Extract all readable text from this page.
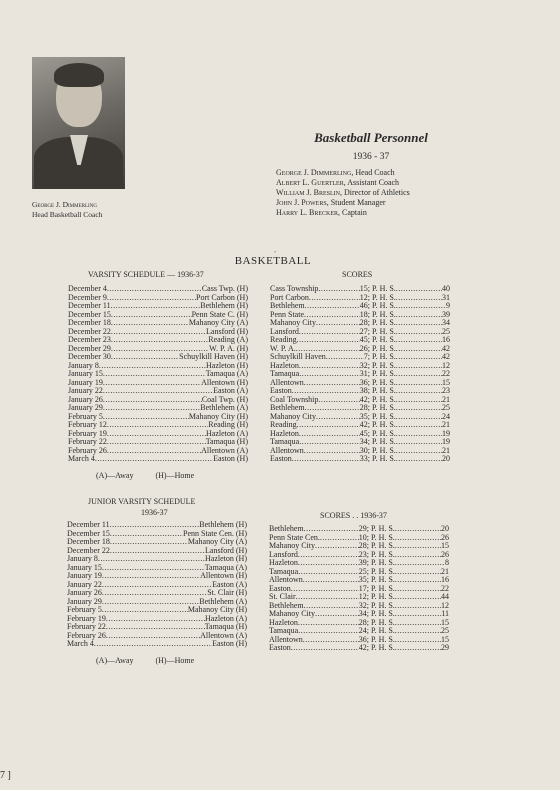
George J. Dimmerling
Head Basketball Coach
Basketball Personnel
1936 - 37
George J. Dimmerling, Head Coach
Albert L. Guertler, Assistant Coach
William J. Breslin, Director of Athletics
John J. Powers, Student Manager
Harry L. Brecker, Captain
•
BASKETBALL
VARSITY SCHEDULE — 1936-37
December 4 .....	Cass Twp. (H)
December 9 .....	Port Carbon (H)
December 11 .....	Bethlehem (H)
December 15 .....	Penn State C. (H)
December 18 .....	Mahanoy City (A)
December 22 .....	Lansford (H)
December 23 .....	Reading (A)
December 29 .....	W. P. A. (H)
December 30 .....	Schuylkill Haven (H)
January 8 .....	Hazleton (H)
January 15 .....	Tamaqua (A)
January 19 .....	Allentown (H)
January 22 .....	Easton (A)
January 26 .....	Coal Twp. (H)
January 29 .....	Bethlehem (A)
February 5 .....	Mahanoy City (H)
February 12 .....	Reading (H)
February 19 .....	Hazleton (A)
February 22 .....	Tamaqua (H)
February 26 .....	Allentown (A)
March 4 .....	Easton (H)
(A)—Away	(H)—Home
SCORES
Cass Township .....	15 ; P. H. S. .....	40
Port Carbon .....	12 ; P. H. S. .....	31
Bethlehem .....	46 ; P. H. S. .....	9
Penn State .....	18 ; P. H. S. .....	39
Mahanoy City .....	28 ; P. H. S. .....	34
Lansford .....	27 ; P. H. S. .....	25
Reading .....	45 ; P. H. S. .....	16
W. P. A. .....	26 ; P. H. S. .....	42
Schuylkill Haven .....	7 ; P. H. S. .....	42
Hazleton .....	32 ; P. H. S. .....	12
Tamaqua .....	31 ; P. H. S. .....	22
Allentown .....	36 ; P. H. S. .....	15
Easton .....	38 ; P. H. S. .....	23
Coal Township .....	42 ; P. H. S. .....	21
Bethlehem .....	28 ; P. H. S. .....	25
Mahanoy City .....	35 ; P. H. S. .....	24
Reading .....	42 ; P. H. S. .....	21
Hazleton .....	45 ; P. H. S. .....	19
Tamaqua .....	34 ; P. H. S. .....	19
Allentown .....	30 ; P. H. S. .....	21
Easton .....	33 ; P. H. S. .....	20
JUNIOR VARSITY SCHEDULE
1936-37
December 11 .....	Bethlehem (H)
December 15 .....	Penn State Cen. (H)
December 18 .....	Mahanoy City (A)
December 22 .....	Lansford (H)
January 8 .....	Hazleton (H)
January 15 .....	Tamaqua (A)
January 19 .....	Allentown (H)
January 22 .....	Easton (A)
January 26 .....	St. Clair (H)
January 29 .....	Bethlehem (A)
February 5 .....	Mahanoy City (H)
February 19 .....	Hazleton (A)
February 22 .....	Tamaqua (H)
February 26 .....	Allentown (A)
March 4 .....	Easton (H)
(A)—Away	(H)—Home
SCORES . . 1936-37
Bethlehem .....	29 ; P. H. S. .....	20
Penn State Cen. .....	10 ; P. H. S. .....	26
Mahanoy City .....	28 ; P. H. S. .....	15
Lansford .....	23 ; P. H. S. .....	26
Hazleton .....	39 ; P. H. S. .....	8
Tamaqua .....	25 ; P. H. S. .....	21
Allentown .....	35 ; P. H. S. .....	16
Easton .....	17 ; P. H. S. .....	22
St. Clair .....	12 ; P. H. S. .....	44
Bethlehem .....	32 ; P. H. S. .....	12
Mahanoy City .....	34 ; P. H. S. .....	11
Hazleton .....	28 ; P. H. S. .....	15
Tamaqua .....	24 ; P. H. S. .....	25
Allentown .....	36 ; P. H. S. .....	15
Easton .....	42 ; P. H. S. .....	29
7 ]
